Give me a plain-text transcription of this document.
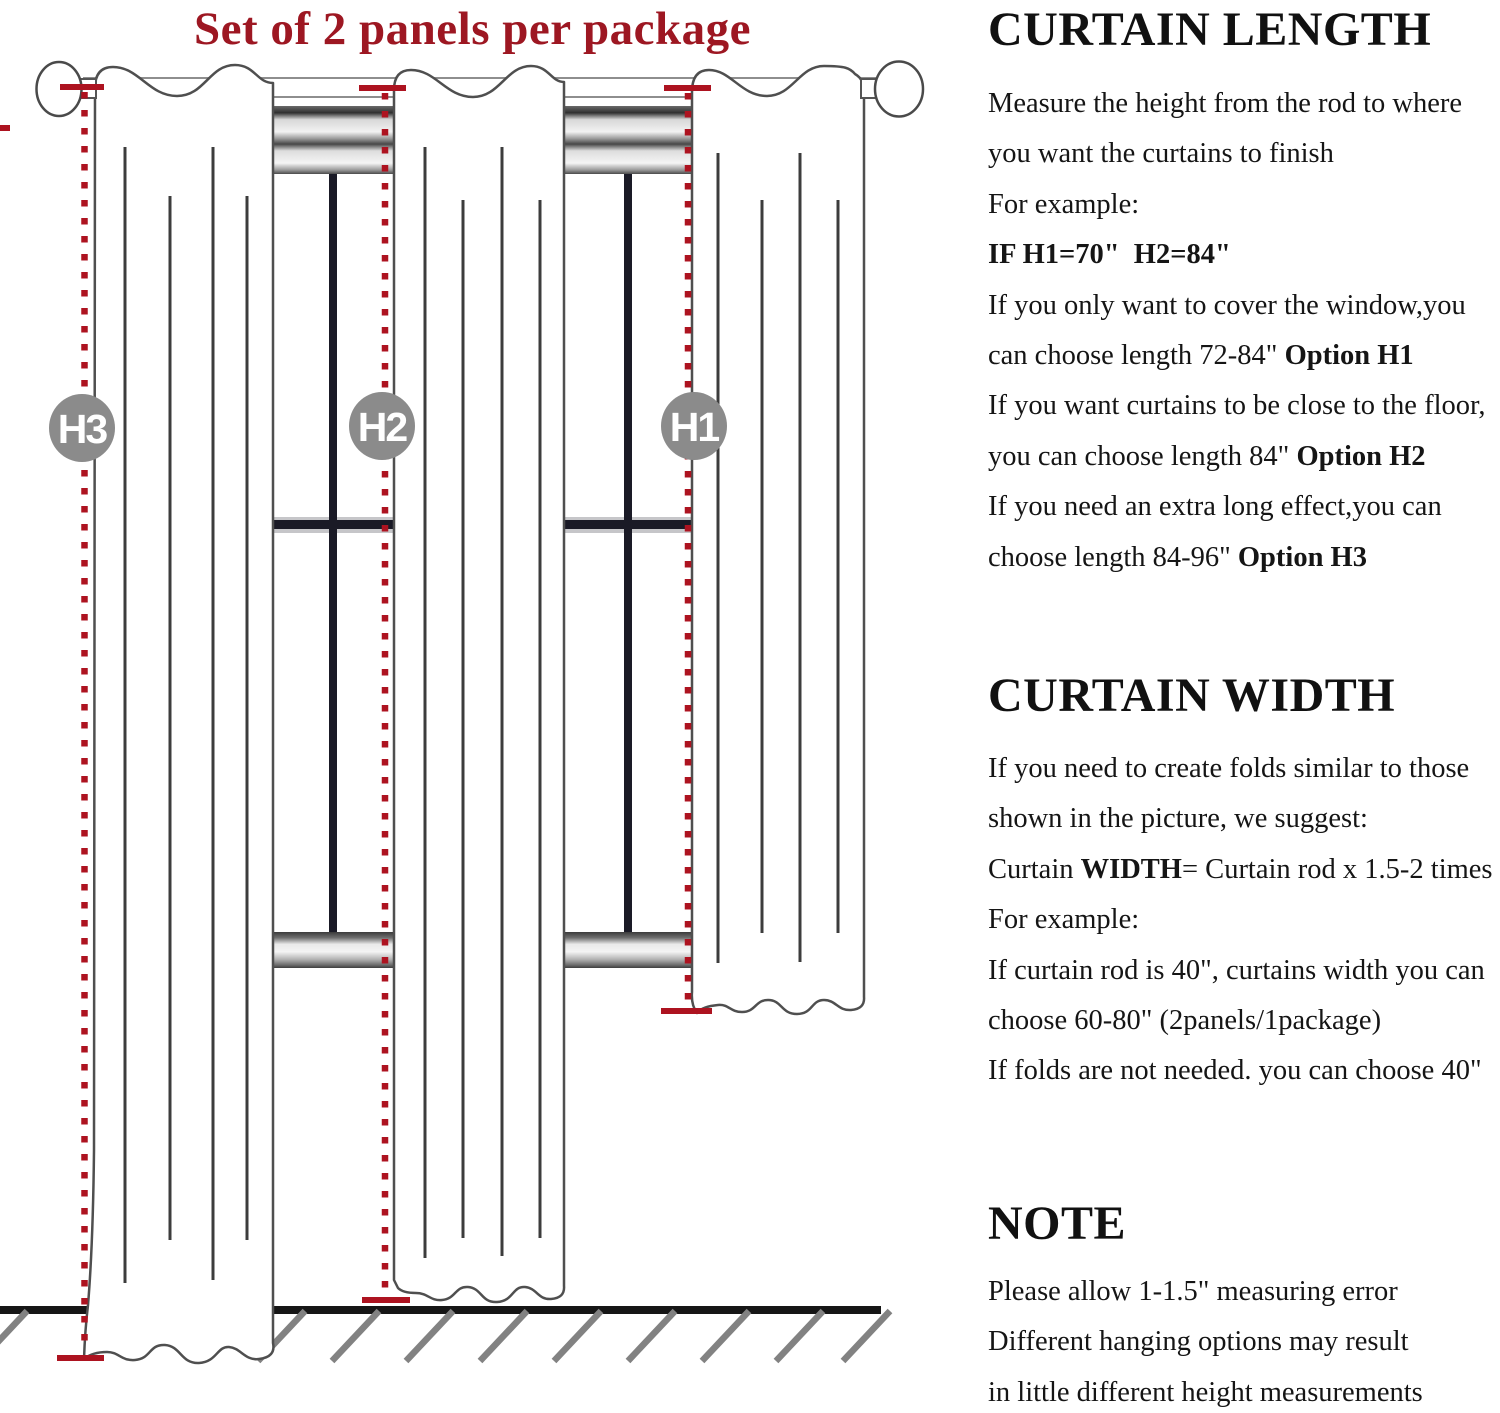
H3	H2	H1
Set of 2 panels per package	CURTAIN LENGTH
Measure the height from the rod to where
you want the curtains to finish
For example:
IF H1=70"  H2=84"
If you only want to cover the window,you
can choose length 72-84" Option H1
If you want curtains to be close to the floor,
you can choose length 84" Option H2
If you need an extra long effect,you can
choose length 84-96" Option H3
CURTAIN WIDTH
If you need to create folds similar to those
shown in the picture, we suggest:
Curtain WIDTH= Curtain rod x 1.5-2 times
For example:
If curtain rod is 40", curtains width you can
choose 60-80" (2panels/1package)
If folds are not needed. you can choose 40"
NOTE
Please allow 1-1.5" measuring error
Different hanging options may result
in little different height measurements
